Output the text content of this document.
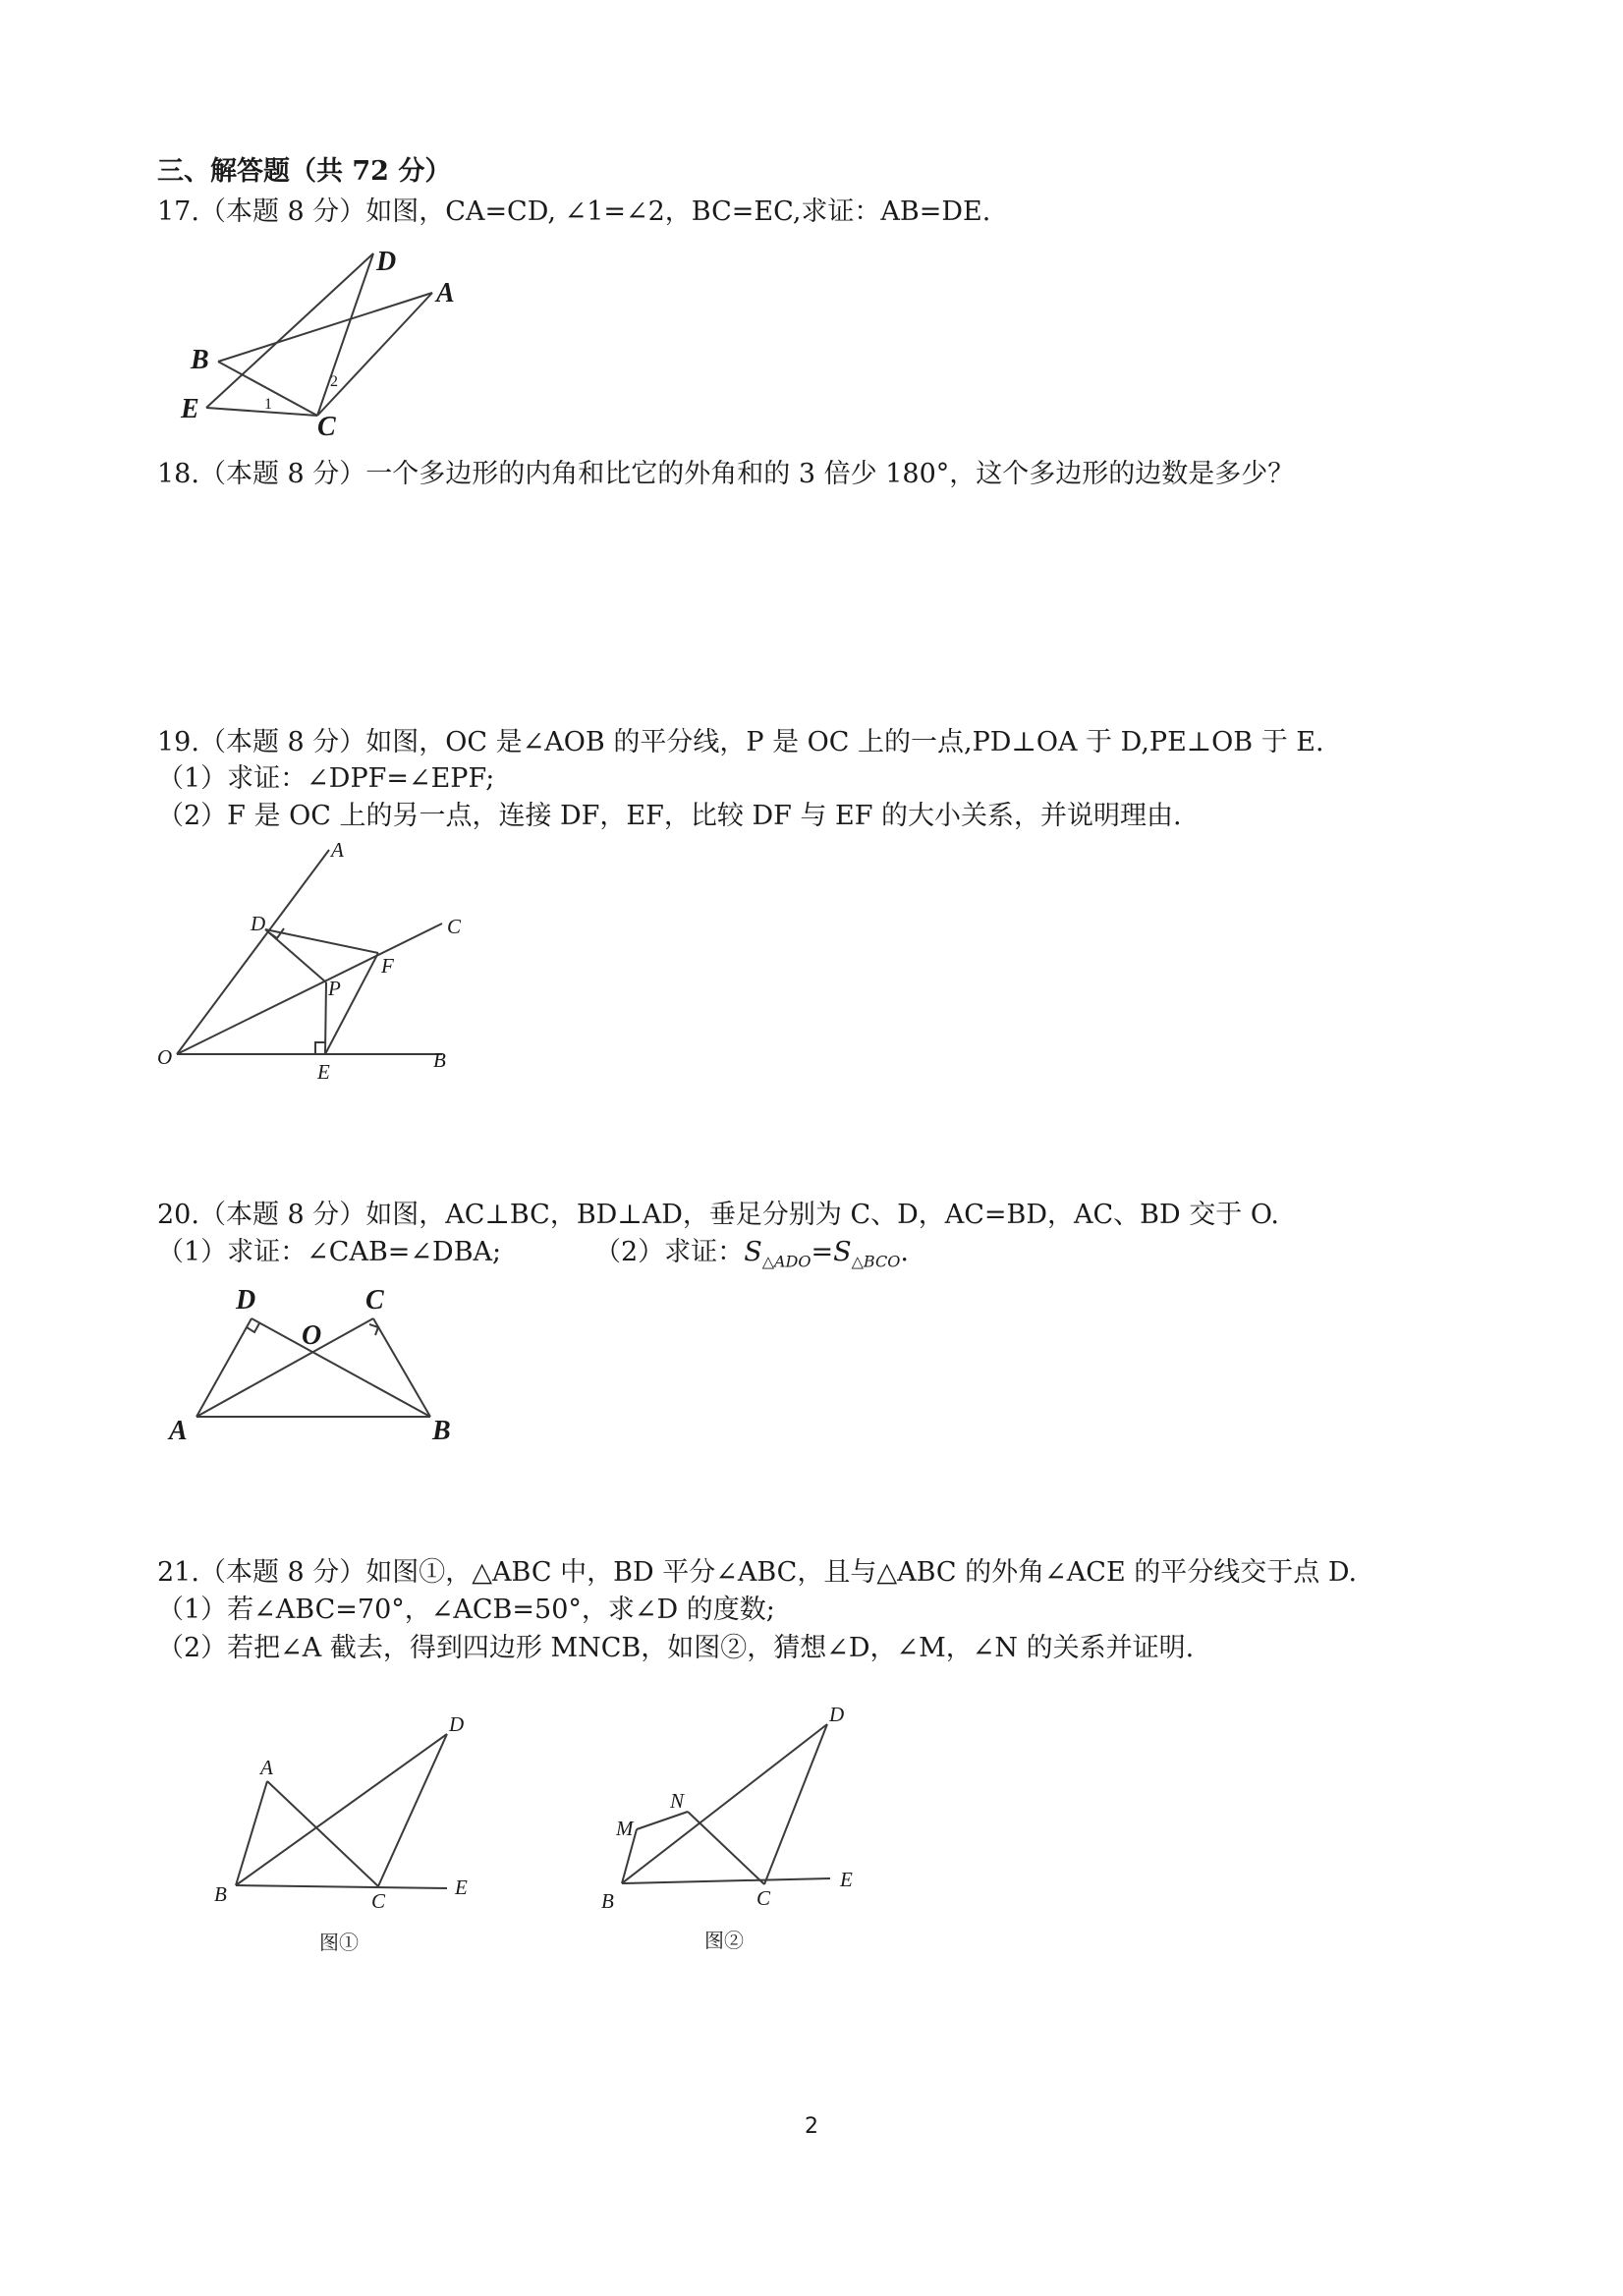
三、解答题（共 72 分）
17.（本题 8 分）如图，CA=CD, ∠1=∠2，BC=EC,求证：AB=DE.
D
A
B
E
C
1
2
18.（本题 8 分）一个多边形的内角和比它的外角和的 3 倍少 180°，这个多边形的边数是多少？
19.（本题 8 分）如图，OC 是∠AOB 的平分线，P 是 OC 上的一点,PD⊥OA 于 D,PE⊥OB 于 E.
（1）求证：∠DPF=∠EPF;
（2）F 是 OC 上的另一点，连接 DF，EF，比较 DF 与 EF 的大小关系，并说明理由.
A
C
D
F
P
O
E	B
20.（本题 8 分）如图，AC⊥BC，BD⊥AD，垂足分别为 C、D，AC=BD，AC、BD 交于 O.
（1）求证：∠CAB=∠DBA;	（2）求证：$S_{\triangle ADO}=S_{\triangle BCO}$.
D	C
O
A	B
21.（本题 8 分）如图①，△ABC 中，BD 平分∠ABC，且与△ABC 的外角∠ACE 的平分线交于点 D.
（1）若∠ABC=70°，∠ACB=50°，求∠D 的度数;
（2）若把∠A 截去，得到四边形 MNCB，如图②，猜想∠D，∠M，∠N 的关系并证明.
A
D
B	C
E
图①
M
N
D
B	C
E
图②
2
